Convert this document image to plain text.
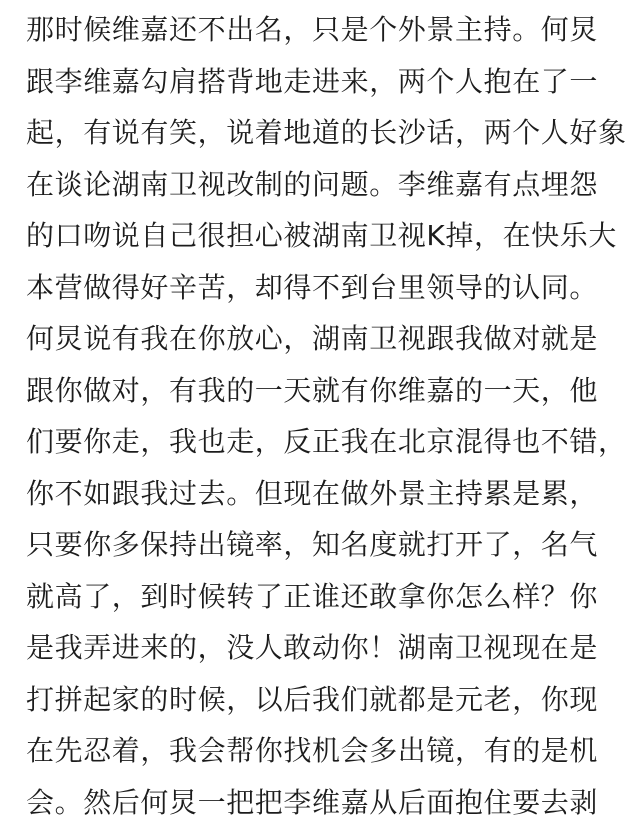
那时候维嘉还不出名，只是个外景主持。何炅
跟李维嘉勾肩搭背地走进来，两个人抱在了一
起，有说有笑，说着地道的长沙话，两个人好象
在谈论湖南卫视改制的问题。李维嘉有点埋怨
的口吻说自己很担心被湖南卫视K掉，在快乐大
本营做得好辛苦，却得不到台里领导的认同。
何炅说有我在你放心，湖南卫视跟我做对就是
跟你做对，有我的一天就有你维嘉的一天，他
们要你走，我也走，反正我在北京混得也不错，
你不如跟我过去。但现在做外景主持累是累，
只要你多保持出镜率，知名度就打开了，名气
就高了，到时候转了正谁还敢拿你怎么样？你
是我弄进来的，没人敢动你！湖南卫视现在是
打拼起家的时候，以后我们就都是元老，你现
在先忍着，我会帮你找机会多出镜，有的是机
会。然后何炅一把把李维嘉从后面抱住要去剥
